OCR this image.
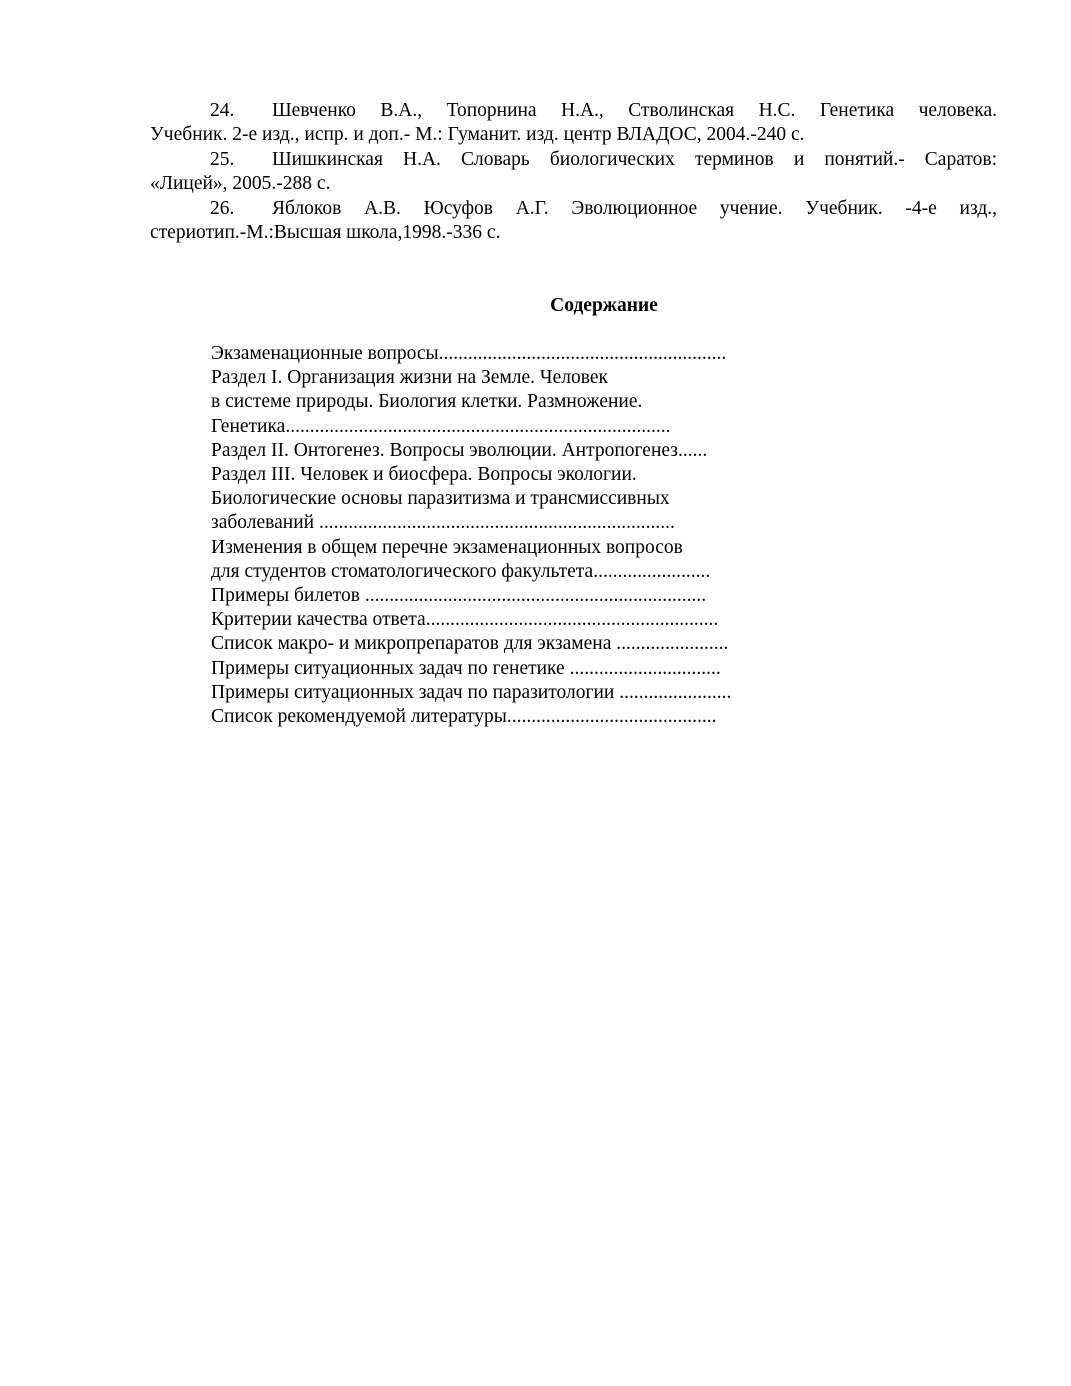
24.	Шевченко В.А., Топорнина Н.А., Стволинская Н.С. Генетика человека.
Учебник. 2-е изд., испр. и доп.- М.: Гуманит. изд. центр ВЛАДОС, 2004.-240 с.
25.	Шишкинская Н.А. Словарь биологических терминов и понятий.- Саратов:
«Лицей», 2005.-288 с.
26.	Яблоков А.В. Юсуфов А.Г. Эволюционное учение. Учебник. -4-е изд.,
стериотип.-М.:Высшая школа,1998.-336 с.
Содержание

Экзаменационные вопросы...........................................................

Раздел I. Организация жизни на Земле. Человек

в системе природы. Биология клетки. Размножение.

Генетика...............................................................................

Раздел II. Онтогенез. Вопросы эволюции. Антропогенез......

Раздел III. Человек и биосфера. Вопросы экологии.

Биологические основы паразитизма и трансмиссивных

заболеваний .........................................................................

Изменения в общем перечне экзаменационных вопросов

для студентов стоматологического факультета........................

Примеры билетов ......................................................................

Критерии качества ответа............................................................

Список макро- и микропрепаратов для экзамена .......................

Примеры ситуационных задач по генетике ...............................

Примеры ситуационных задач по паразитологии .......................

Список рекомендуемой литературы...........................................
